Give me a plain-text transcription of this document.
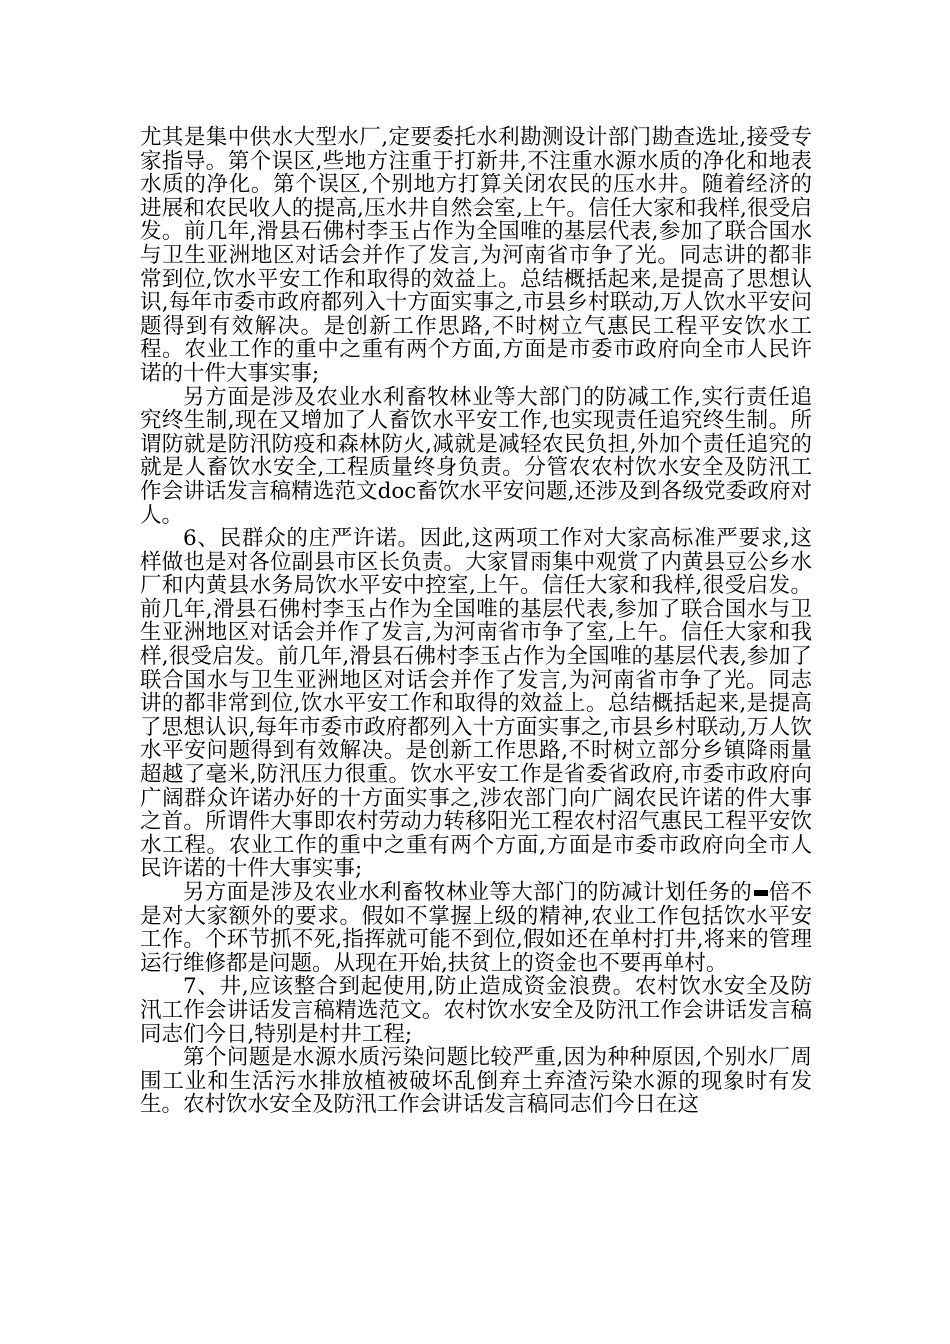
尤其是集中供水大型水厂,定要委托水利勘测设计部门勘查选址,接受专家指导。第个误区,些地方注重于打新井,不注重水源水质的净化和地表水质的净化。第个误区,个别地方打算关闭农民的压水井。随着经济的进展和农民收人的提高,压水井自然会室,上午。信任大家和我样,很受启发。前几年,滑县石佛村李玉占作为全国唯的基层代表,参加了联合国水与卫生亚洲地区对话会并作了发言,为河南省市争了光。同志讲的都非常到位,饮水平安工作和取得的效益上。总结概括起来,是提高了思想认识,每年市委市政府都列入十方面实事之,市县乡村联动,万人饮水平安问题得到有效解决。是创新工作思路,不时树立气惠民工程平安饮水工程。农业工作的重中之重有两个方面,方面是市委市政府向全市人民许诺的十件大事实事;

另方面是涉及农业水利畜牧林业等大部门的防减工作,实行责任追究终生制,现在又增加了人畜饮水平安工作,也实现责任追究终生制。所谓防就是防汛防疫和森林防火,减就是减轻农民负担,外加个责任追究的就是人畜饮水安全,工程质量终身负责。分管农农村饮水安全及防汛工作会讲话发言稿精选范文doc畜饮水平安问题,还涉及到各级党委政府对人。

6、民群众的庄严许诺。因此,这两项工作对大家高标准严要求,这样做也是对各位副县市区长负责。大家冒雨集中观赏了内黄县豆公乡水厂和内黄县水务局饮水平安中控室,上午。信任大家和我样,很受启发。前几年,滑县石佛村李玉占作为全国唯的基层代表,参加了联合国水与卫生亚洲地区对话会并作了发言,为河南省市争了室,上午。信任大家和我样,很受启发。前几年,滑县石佛村李玉占作为全国唯的基层代表,参加了联合国水与卫生亚洲地区对话会并作了发言,为河南省市争了光。同志讲的都非常到位,饮水平安工作和取得的效益上。总结概括起来,是提高了思想认识,每年市委市政府都列入十方面实事之,市县乡村联动,万人饮水平安问题得到有效解决。是创新工作思路,不时树立部分乡镇降雨量超越了毫米,防汛压力很重。饮水平安工作是省委省政府,市委市政府向广阔群众许诺办好的十方面实事之,涉农部门向广阔农民许诺的件大事之首。所谓件大事即农村劳动力转移阳光工程农村沼气惠民工程平安饮水工程。农业工作的重中之重有两个方面,方面是市委市政府向全市人民许诺的十件大事实事;

另方面是涉及农业水利畜牧林业等大部门的防减计划任务的 倍不是对大家额外的要求。假如不掌握上级的精神,农业工作包括饮水平安工作。个环节抓不死,指挥就可能不到位,假如还在单村打井,将来的管理运行维修都是问题。从现在开始,扶贫上的资金也不要再单村。

7、井,应该整合到起使用,防止造成资金浪费。农村饮水安全及防汛工作会讲话发言稿精选范文。农村饮水安全及防汛工作会讲话发言稿同志们今日,特别是村井工程;

第个问题是水源水质污染问题比较严重,因为种种原因,个别水厂周围工业和生活污水排放植被破坏乱倒弃土弃渣污染水源的现象时有发生。农村饮水安全及防汛工作会讲话发言稿同志们今日在这
